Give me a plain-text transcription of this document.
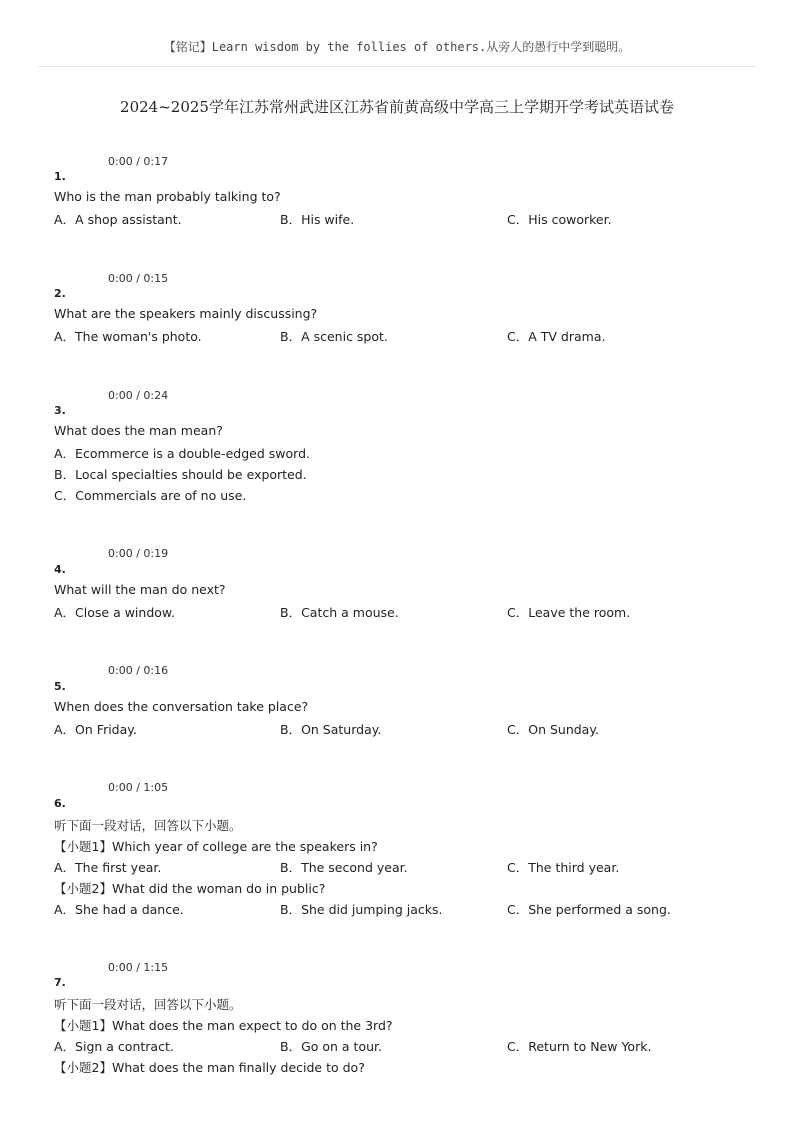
【铭记】Learn wisdom by the follies of others.从旁人的愚行中学到聪明。
2024~2025学年江苏常州武进区江苏省前黄高级中学高三上学期开学考试英语试卷
0:00 / 0:17
1.
Who is the man probably talking to?
A．A shop assistant.	B．His wife.	C．His coworker.
0:00 / 0:15
2.
What are the speakers mainly discussing?
A．The woman's photo.	B．A scenic spot.	C．A TV drama.
0:00 / 0:24
3.
What does the man mean?
A．Ecommerce is a double-edged sword.
B．Local specialties should be exported.
C．Commercials are of no use.
0:00 / 0:19
4.
What will the man do next?
A．Close a window.	B．Catch a mouse.	C．Leave the room.
0:00 / 0:16
5.
When does the conversation take place?
A．On Friday.	B．On Saturday.	C．On Sunday.
0:00 / 1:05
6.
听下面一段对话，回答以下小题。
【小题1】Which year of college are the speakers in?
A．The first year.	B．The second year.	C．The third year.
【小题2】What did the woman do in public?
A．She had a dance.	B．She did jumping jacks.	C．She performed a song.
0:00 / 1:15
7.
听下面一段对话，回答以下小题。
【小题1】What does the man expect to do on the 3rd?
A．Sign a contract.	B．Go on a tour.	C．Return to New York.
【小题2】What does the man finally decide to do?
